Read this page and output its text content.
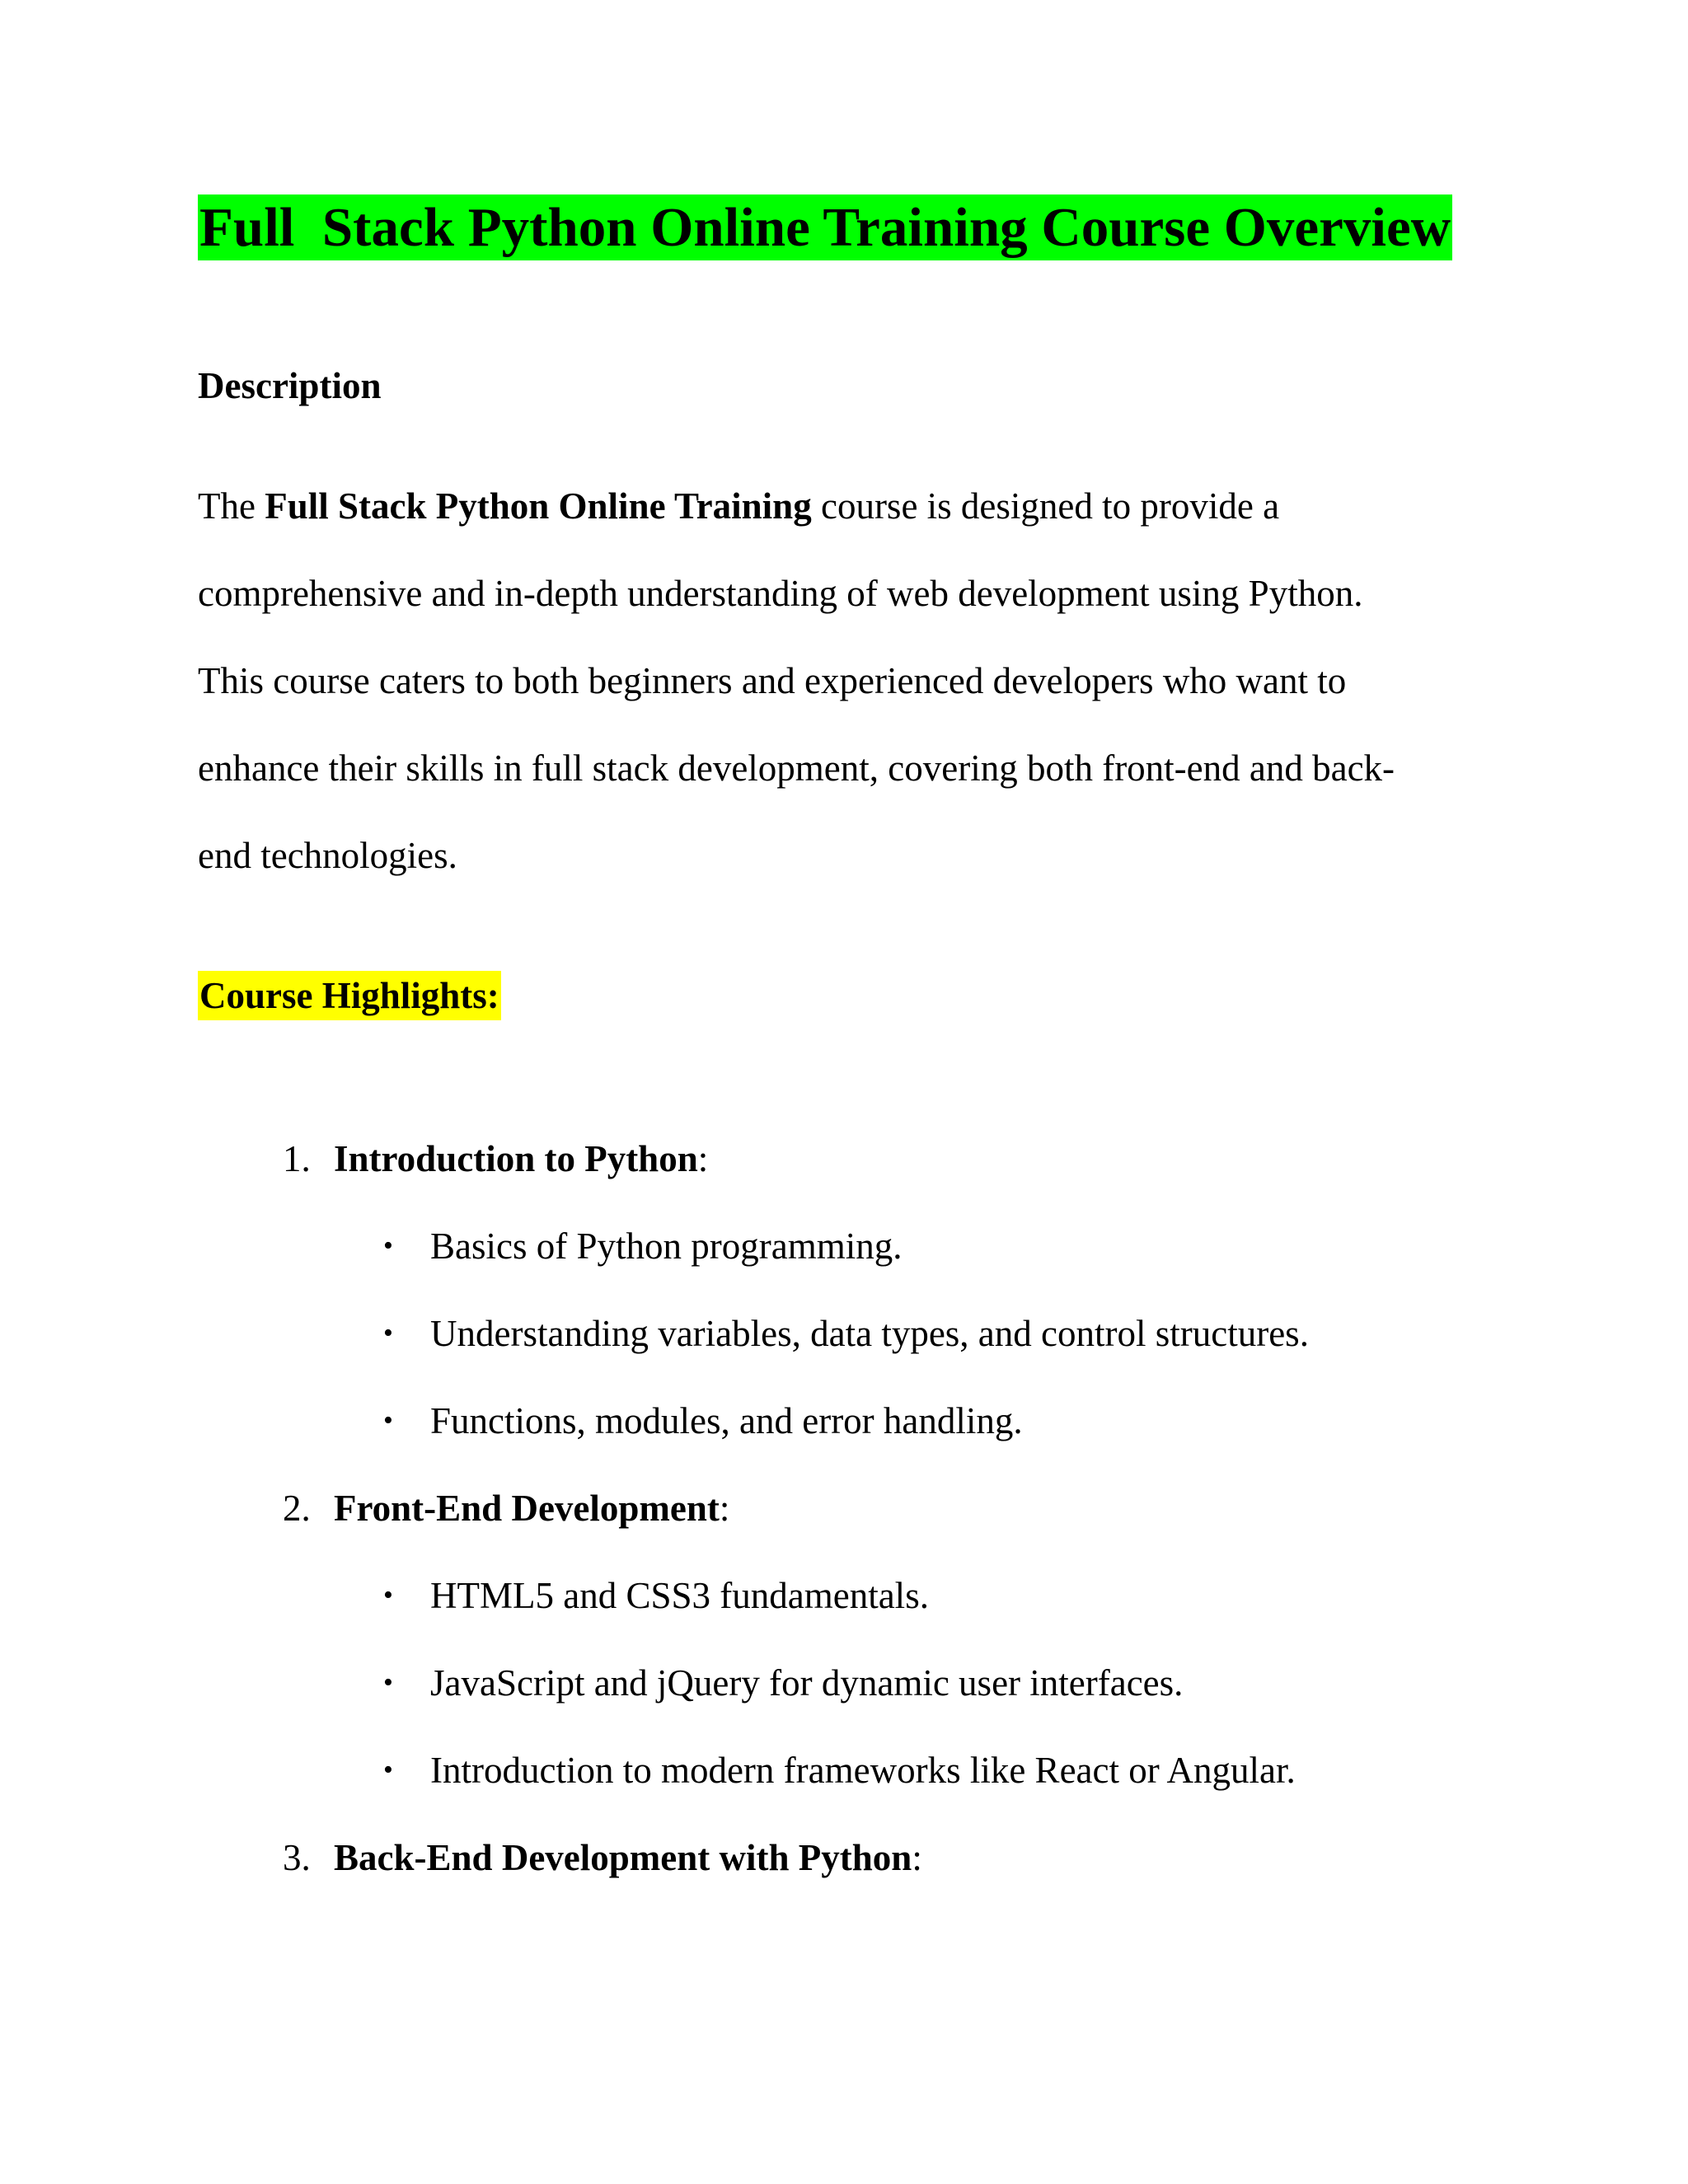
Full  Stack Python Online Training Course Overview
Description
The Full Stack Python Online Training course is designed to provide a
comprehensive and in-depth understanding of web development using Python.
This course caters to both beginners and experienced developers who want to
enhance their skills in full stack development, covering both front-end and back-
end technologies.
Course Highlights:

1. Introduction to Python:

• Basics of Python programming.

• Understanding variables, data types, and control structures.

• Functions, modules, and error handling.

2. Front-End Development:

• HTML5 and CSS3 fundamentals.

• JavaScript and jQuery for dynamic user interfaces.

• Introduction to modern frameworks like React or Angular.

3. Back-End Development with Python:
